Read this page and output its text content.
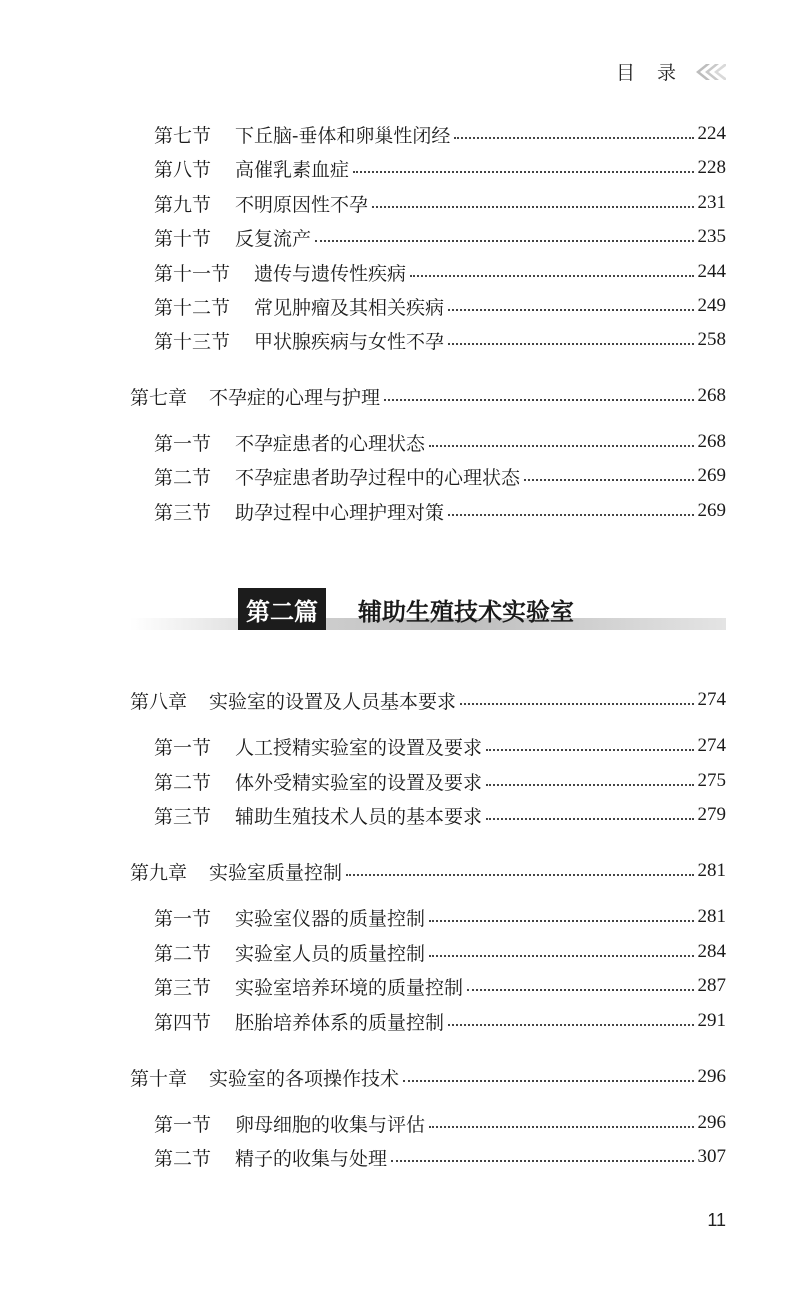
目 录
第七节 下丘脑-垂体和卵巢性闭经	224
第八节 高催乳素血症	228
第九节 不明原因性不孕	231
第十节 反复流产	235
第十一节 遗传与遗传性疾病	244
第十二节 常见肿瘤及其相关疾病	249
第十三节 甲状腺疾病与女性不孕	258
第七章 不孕症的心理与护理	268
第一节 不孕症患者的心理状态	268
第二节 不孕症患者助孕过程中的心理状态	269
第三节 助孕过程中心理护理对策	269
第八章 实验室的设置及人员基本要求	274
第一节 人工授精实验室的设置及要求	274
第二节 体外受精实验室的设置及要求	275
第三节 辅助生殖技术人员的基本要求	279
第九章 实验室质量控制	281
第一节 实验室仪器的质量控制	281
第二节 实验室人员的质量控制	284
第三节 实验室培养环境的质量控制	287
第四节 胚胎培养体系的质量控制	291
第十章 实验室的各项操作技术	296
第一节 卵母细胞的收集与评估	296
第二节 精子的收集与处理	307
第二篇	辅助生殖技术实验室
11
